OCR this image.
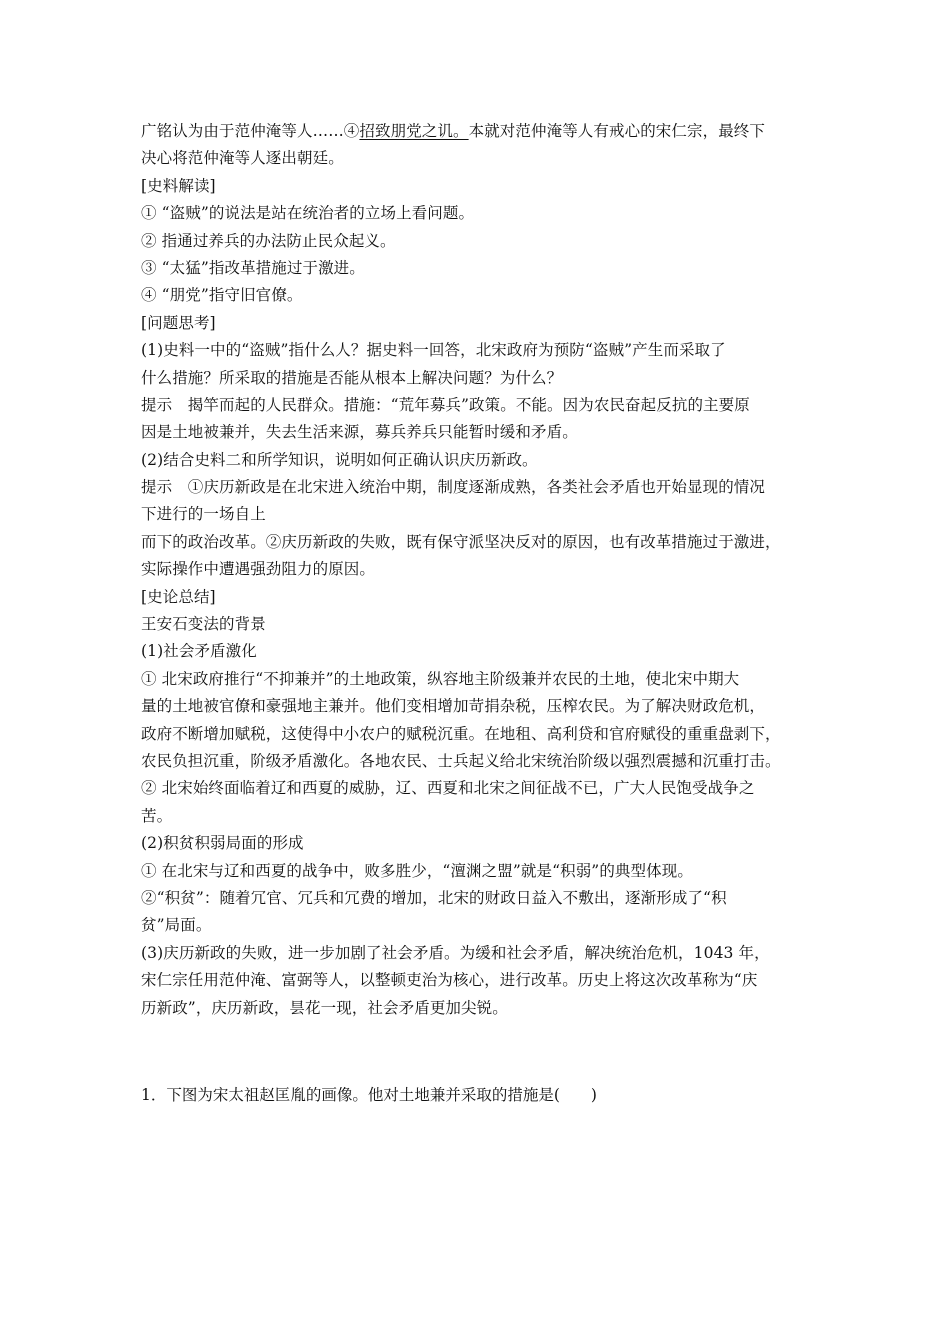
广铭认为由于范仲淹等人……④招致朋党之讥。本就对范仲淹等人有戒心的宋仁宗，最终下
决心将范仲淹等人逐出朝廷。
[史料解读]
① “盗贼”的说法是站在统治者的立场上看问题。
② 指通过养兵的办法防止民众起义。
③ “太猛”指改革措施过于激进。
④ “朋党”指守旧官僚。
[问题思考]
(1)史料一中的“盗贼”指什么人？据史料一回答，北宋政府为预防“盗贼”产生而采取了
什么措施？所采取的措施是否能从根本上解决问题？为什么？
提示　揭竿而起的人民群众。措施：“荒年募兵”政策。不能。因为农民奋起反抗的主要原
因是土地被兼并，失去生活来源，募兵养兵只能暂时缓和矛盾。
(2)结合史料二和所学知识，说明如何正确认识庆历新政。
提示　①庆历新政是在北宋进入统治中期，制度逐渐成熟，各类社会矛盾也开始显现的情况
下进行的一场自上
而下的政治改革。②庆历新政的失败，既有保守派坚决反对的原因，也有改革措施过于激进，
实际操作中遭遇强劲阻力的原因。
[史论总结]
王安石变法的背景
(1)社会矛盾激化
① 北宋政府推行“不抑兼并”的土地政策，纵容地主阶级兼并农民的土地，使北宋中期大
量的土地被官僚和豪强地主兼并。他们变相增加苛捐杂税，压榨农民。为了解决财政危机，
政府不断增加赋税，这使得中小农户的赋税沉重。在地租、高利贷和官府赋役的重重盘剥下，
农民负担沉重，阶级矛盾激化。各地农民、士兵起义给北宋统治阶级以强烈震撼和沉重打击。
② 北宋始终面临着辽和西夏的威胁，辽、西夏和北宋之间征战不已，广大人民饱受战争之
苦。
(2)积贫积弱局面的形成
① 在北宋与辽和西夏的战争中，败多胜少，“澶渊之盟”就是“积弱”的典型体现。
②“积贫”：随着冗官、冗兵和冗费的增加，北宋的财政日益入不敷出，逐渐形成了“积
贫”局面。
(3)庆历新政的失败，进一步加剧了社会矛盾。为缓和社会矛盾，解决统治危机，1043 年，
宋仁宗任用范仲淹、富弼等人，以整顿吏治为核心，进行改革。历史上将这次改革称为“庆
历新政”，庆历新政，昙花一现，社会矛盾更加尖锐。
1．下图为宋太祖赵匡胤的画像。他对土地兼并采取的措施是(　　)
